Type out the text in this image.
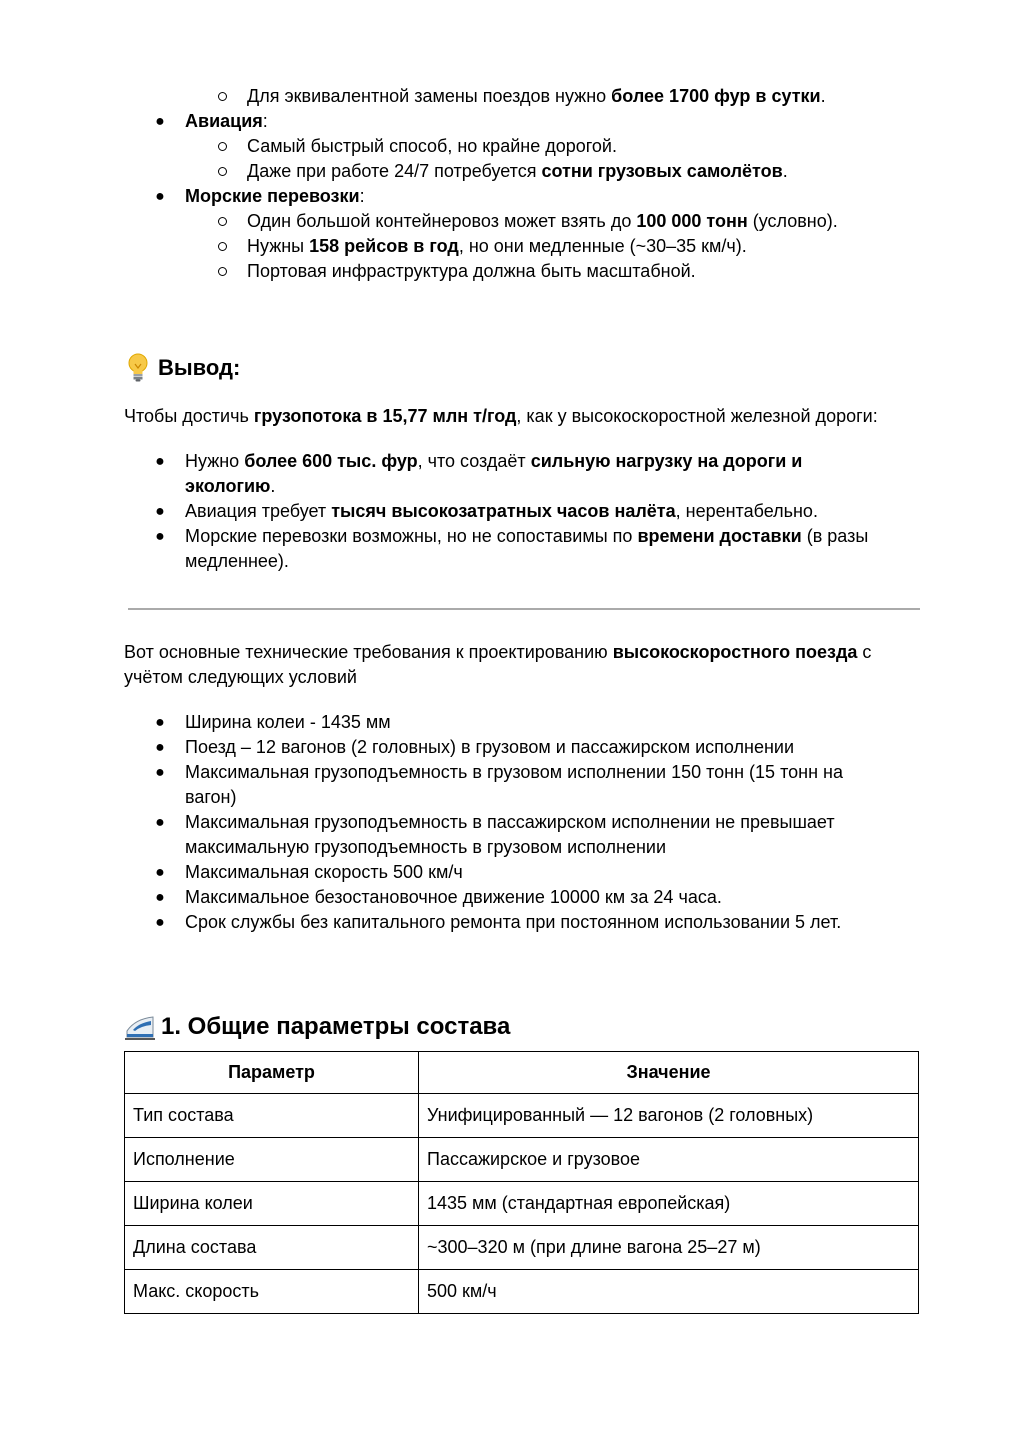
Для эквивалентной замены поездов нужно более 1700 фур в сутки.
● Авиация:
Самый быстрый способ, но крайне дорогой.
Даже при работе 24/7 потребуется сотни грузовых самолётов.
● Морские перевозки:
Один большой контейнеровоз может взять до 100 000 тонн (условно).
Нужны 158 рейсов в год, но они медленные (~30–35 км/ч).
Портовая инфраструктура должна быть масштабной.
Вывод:
Чтобы достичь грузопотока в 15,77 млн т/год, как у высокоскоростной железной дороги:
● Нужно более 600 тыс. фур, что создаёт сильную нагрузку на дороги и
экологию.
● Авиация требует тысяч высокозатратных часов налёта, нерентабельно.
● Морские перевозки возможны, но не сопоставимы по времени доставки (в разы
медленнее).
Вот основные технические требования к проектированию высокоскоростного поезда с
учётом следующих условий
● Ширина колеи - 1435 мм
● Поезд – 12 вагонов (2 головных) в грузовом и пассажирском исполнении
● Максимальная грузоподъемность в грузовом исполнении 150 тонн (15 тонн на
вагон)
● Максимальная грузоподъемность в пассажирском исполнении не превышает
максимальную грузоподъемность в грузовом исполнении
● Максимальная скорость 500 км/ч
● Максимальное безостановочное движение 10000 км за 24 часа.
● Срок службы без капитального ремонта при постоянном использовании 5 лет.
1. Общие параметры состава
Параметр	Значение
Тип состава	Унифицированный — 12 вагонов (2 головных)
Исполнение	Пассажирское и грузовое
Ширина колеи	1435 мм (стандартная европейская)
Длина состава	~300–320 м (при длине вагона 25–27 м)
Макс. скорость	500 км/ч
